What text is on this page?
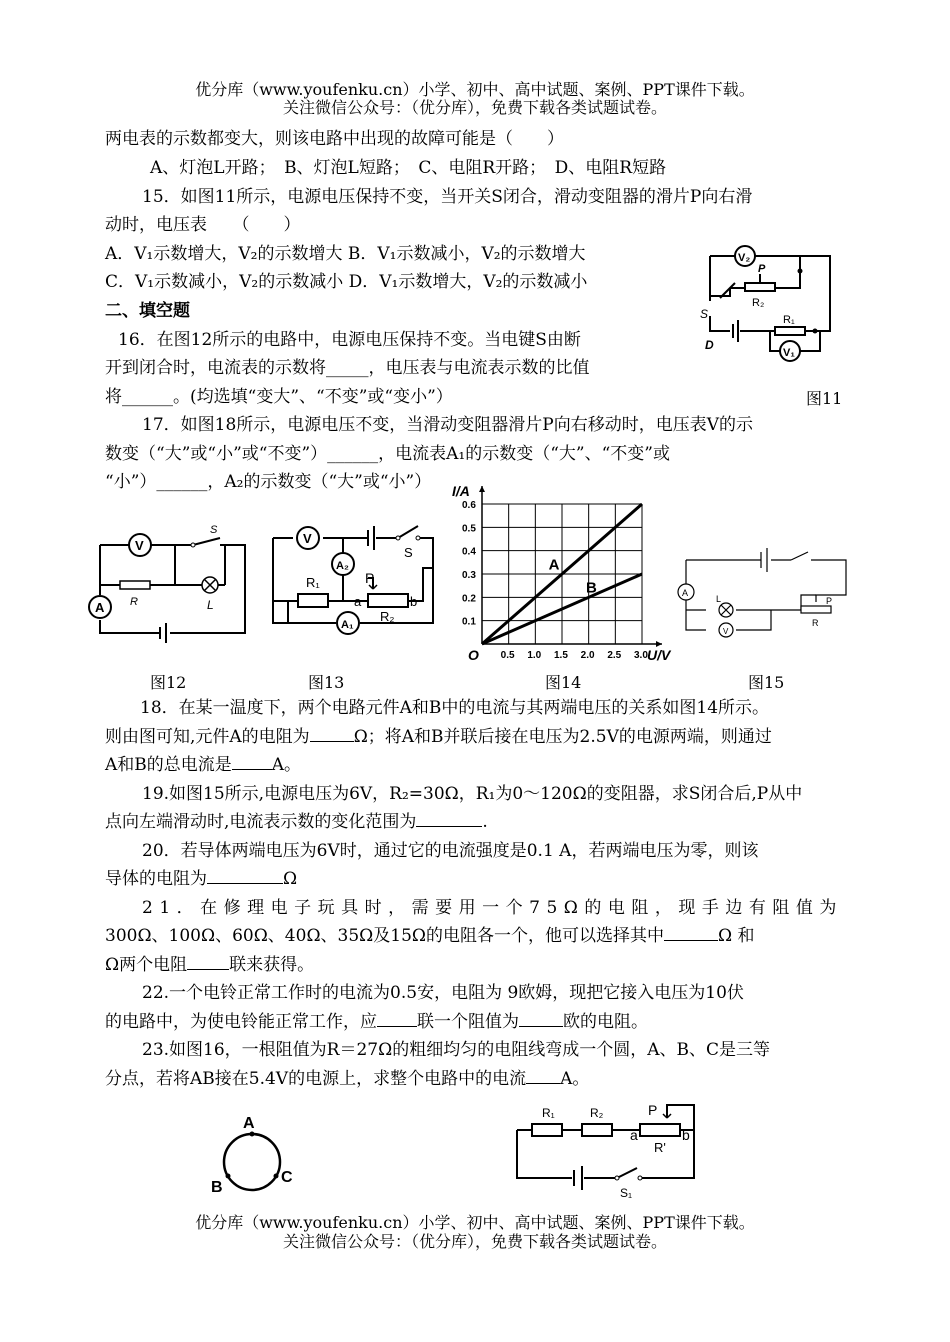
优分库（www.youfenku.cn）小学、初中、高中试题、案例、PPT课件下载。
关注微信公众号：（优分库），免费下载各类试题试卷。
两电表的示数都变大，则该电路中出现的故障可能是（　　）
A、灯泡L开路；　B、灯泡L短路；　C、电阻R开路；　D、电阻R短路
15．如图11所示，电源电压保持不变，当开关S闭合，滑动变阻器的滑片P向右滑
动时，电压表　　（　　）
A．V₁示数增大，V₂的示数增大 B．V₁示数减小，V₂的示数增大
C．V₁示数减小，V₂的示数减小 D．V₁示数增大，V₂的示数减小
二、填空题
16．在图12所示的电路中，电源电压保持不变。当电键S由断
开到闭合时，电流表的示数将_____，电压表与电流表示数的比值
将______。(均选填“变大”、“不变”或“变小”）	图11
V₂
P
R₂
R₁
V₁
S
D
17．如图18所示，电源电压不变，当滑动变阻器滑片P向右移动时，电压表V的示
数变（“大”或“小”或“不变”）______，电流表A₁的示数变（“大”、“不变”或
“小”）______，A₂的示数变（“大”或“小”）
V
R	L
A
S
V
S
A₂
R₁	P
R₂
a	b
A₁
0.5 1.0 1.5 2.0 2.5 3.0
0.1
0.2
0.3
0.4
0.5
0.6
O	U/V
I/A
A
B	A
L
V
P
R
图12	图13	图14	图15
18．在某一温度下，两个电路元件A和B中的电流与其两端电压的关系如图14所示。
则由图可知,元件A的电阻为	Ω；将A和B并联后接在电压为2.5V的电源两端，则通过
A和B的总电流是 A。
19.如图15所示,电源电压为6V，R₂=30Ω，R₁为0～120Ω的变阻器，求S闭合后,P从中
点向左端滑动时,电流表示数的变化范围为	.
20．若导体两端电压为6V时，通过它的电流强度是0.1 A，若两端电压为零，则该
导体的电阻为	Ω
21．在修理电子玩具时，需要用一个75Ω的电阻，现手边有阻值为
300Ω、100Ω、60Ω、40Ω、35Ω及15Ω的电阻各一个，他可以选择其中	Ω 和
Ω两个电阻 联来获得。
22.一个电铃正常工作时的电流为0.5安，电阻为 9欧姆，现把它接入电压为10伏
的电路中，为使电铃能正常工作，应 联一个阻值为	欧的电阻。
23.如图16，一根阻值为R＝27Ω的粗细均匀的电阻线弯成一个圆，A、B、C是三等
分点，若将AB接在5.4V的电源上，求整个电路中的电流 A。
A
B
C
R₁	R₂	P
a	b
R'
S₁
优分库（www.youfenku.cn）小学、初中、高中试题、案例、PPT课件下载。
关注微信公众号：（优分库），免费下载各类试题试卷。
